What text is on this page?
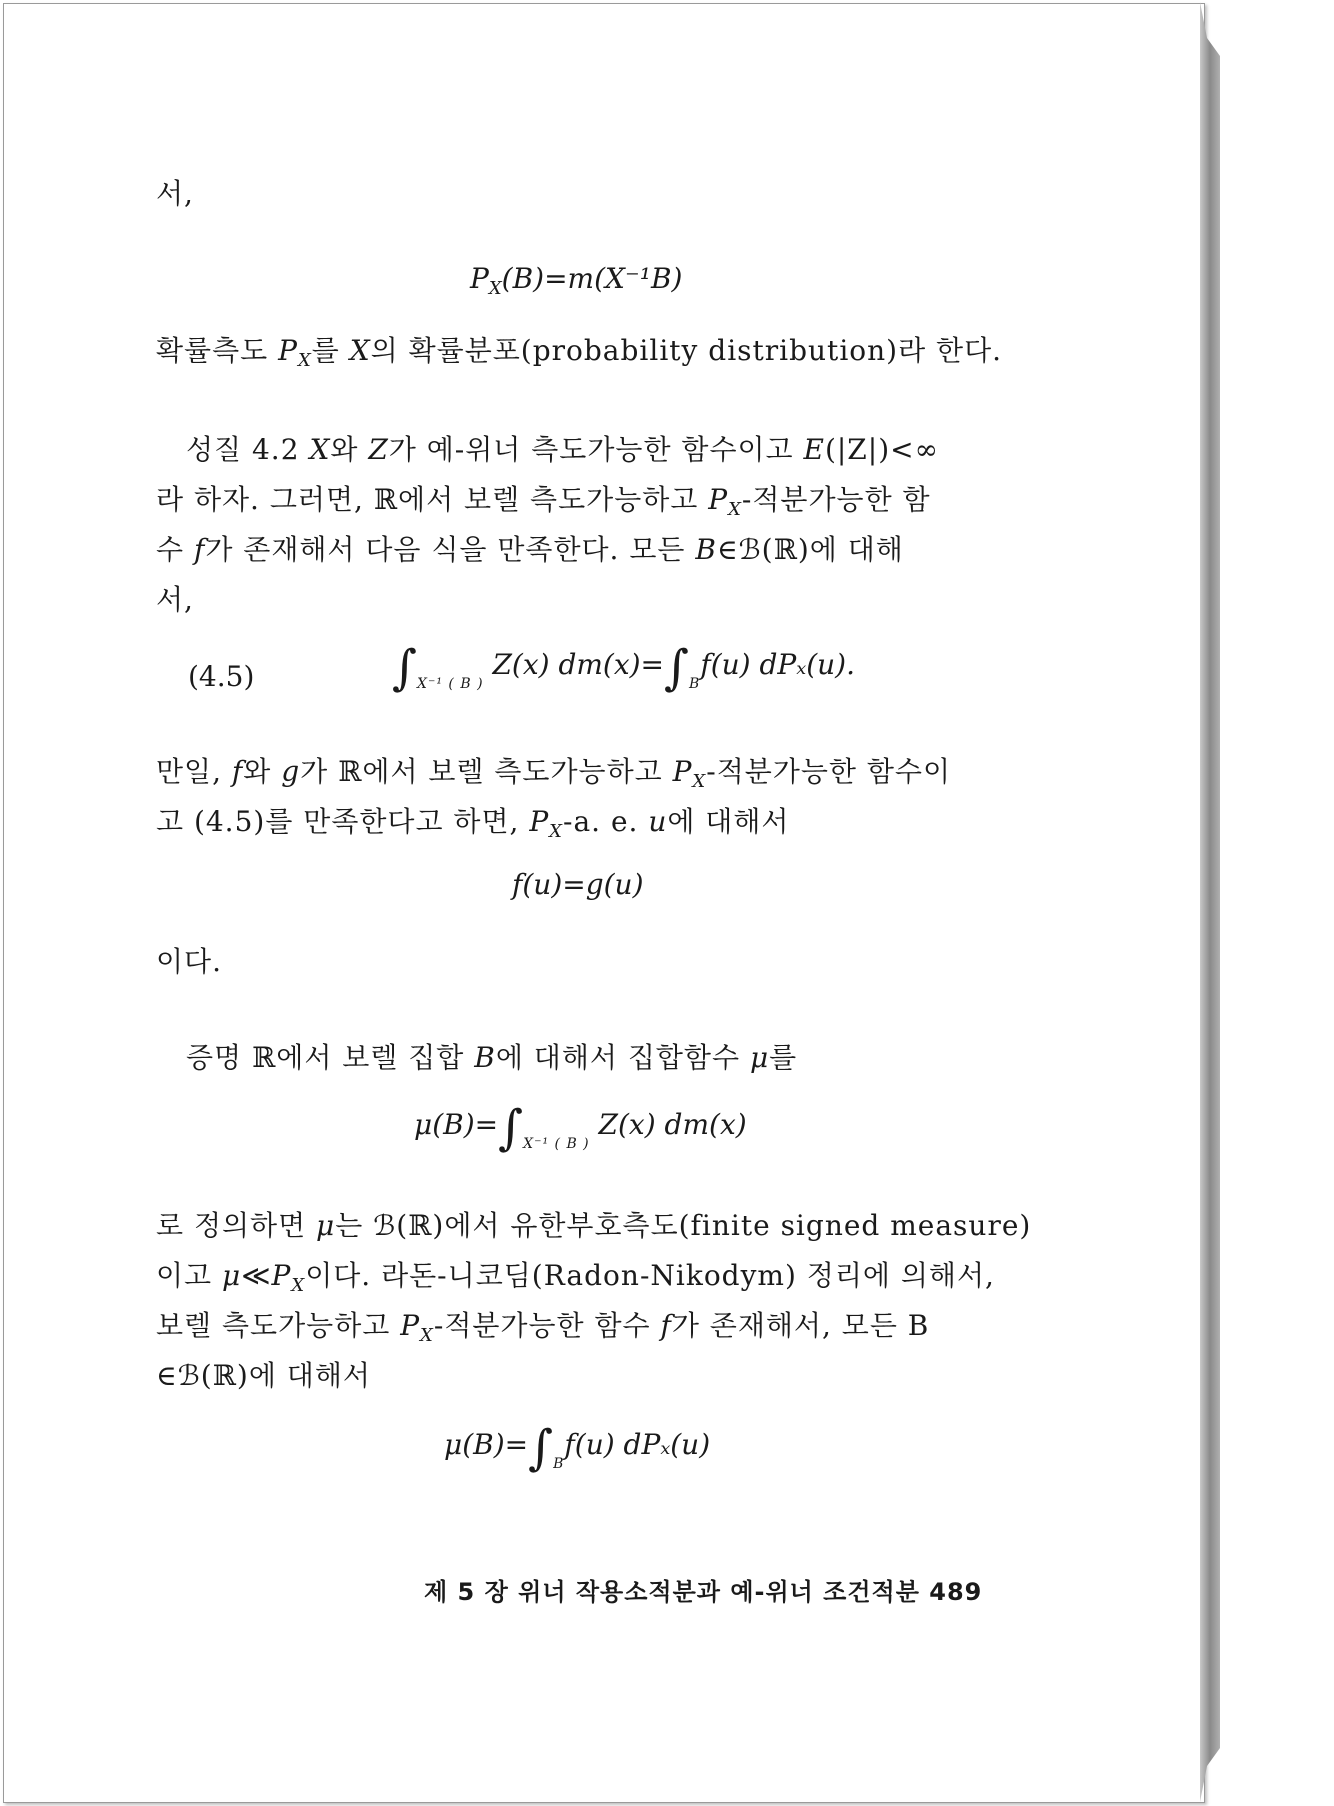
서,
$P_X(B)=m(X^{-1}B)$
확률측도 $P_X$를 X의 확률분포(probability distribution)라 한다.
성질 4.2 X와 Z가 예-위너 측도가능한 함수이고 E(|Z|)<∞
라 하자. 그러면, ℝ에서 보렐 측도가능하고 $P_X-$적분가능한 함
수 f가 존재해서 다음 식을 만족한다. 모든 B∈ℬ(ℝ)에 대해
서,
(4.5)	$\int_{X^{-1} ( B )}$ Z(x) $dm(x)=\int_Bf(u)$ dPₓ(u).
만일, f와 g가 ℝ에서 보렐 측도가능하고 $P_X-$적분가능한 함수이
고 (4.5)를 만족한다고 하면, $P_X-a$. e. u에 대해서
f(u)=g(u)
이다.
증명 ℝ에서 보렐 집합 B에 대해서 집합함수 μ를
$\mu(B)=\int_{X^{-1} ( B )}$ Z(x) dm(x)
로 정의하면 μ는 ℬ(ℝ)에서 유한부호측도(finite signed measure)
이고 $\mu≪P_X$이다. 라돈-니코딤(Radon-Nikodym) 정리에 의해서,
보렐 측도가능하고 $P_X-$적분가능한 함수 f가 존재해서, 모든 B
∈ℬ(ℝ)에 대해서
$\mu(B)=\int_Bf(u)$ dPₓ(u)
제 5 장 위너 작용소적분과 예-위너 조건적분 489
